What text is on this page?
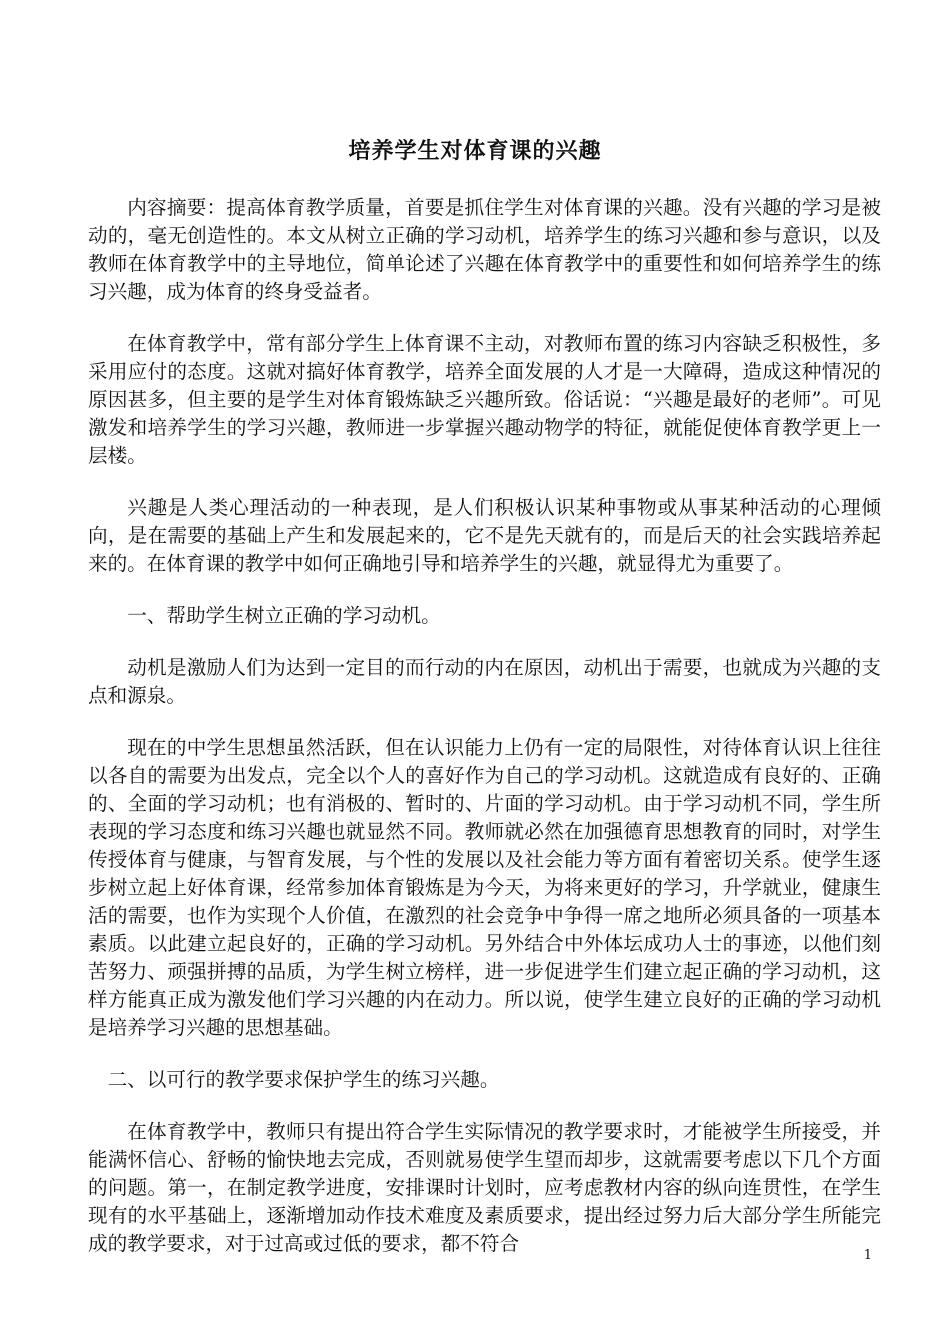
培养学生对体育课的兴趣

内容摘要：提高体育教学质量，首要是抓住学生对体育课的兴趣。没有兴趣的学习是被动的，毫无创造性的。本文从树立正确的学习动机，培养学生的练习兴趣和参与意识，以及教师在体育教学中的主导地位，简单论述了兴趣在体育教学中的重要性和如何培养学生的练习兴趣，成为体育的终身受益者。

在体育教学中，常有部分学生上体育课不主动，对教师布置的练习内容缺乏积极性，多采用应付的态度。这就对搞好体育教学，培养全面发展的人才是一大障碍，造成这种情况的原因甚多，但主要的是学生对体育锻炼缺乏兴趣所致。俗话说：“兴趣是最好的老师”。可见激发和培养学生的学习兴趣，教师进一步掌握兴趣动物学的特征，就能促使体育教学更上一层楼。

兴趣是人类心理活动的一种表现，是人们积极认识某种事物或从事某种活动的心理倾向，是在需要的基础上产生和发展起来的，它不是先天就有的，而是后天的社会实践培养起来的。在体育课的教学中如何正确地引导和培养学生的兴趣，就显得尤为重要了。

一、帮助学生树立正确的学习动机。

动机是激励人们为达到一定目的而行动的内在原因，动机出于需要，也就成为兴趣的支点和源泉。

现在的中学生思想虽然活跃，但在认识能力上仍有一定的局限性，对待体育认识上往往以各自的需要为出发点，完全以个人的喜好作为自己的学习动机。这就造成有良好的、正确的、全面的学习动机；也有消极的、暂时的、片面的学习动机。由于学习动机不同，学生所表现的学习态度和练习兴趣也就显然不同。教师就必然在加强德育思想教育的同时，对学生传授体育与健康，与智育发展，与个性的发展以及社会能力等方面有着密切关系。使学生逐步树立起上好体育课，经常参加体育锻炼是为今天，为将来更好的学习，升学就业，健康生活的需要，也作为实现个人价值，在激烈的社会竞争中争得一席之地所必须具备的一项基本素质。以此建立起良好的，正确的学习动机。另外结合中外体坛成功人士的事迹，以他们刻苦努力、顽强拼搏的品质，为学生树立榜样，进一步促进学生们建立起正确的学习动机，这样方能真正成为激发他们学习兴趣的内在动力。所以说，使学生建立良好的正确的学习动机是培养学习兴趣的思想基础。

二、以可行的教学要求保护学生的练习兴趣。

在体育教学中，教师只有提出符合学生实际情况的教学要求时，才能被学生所接受，并能满怀信心、舒畅的愉快地去完成，否则就易使学生望而却步，这就需要考虑以下几个方面的问题。第一，在制定教学进度，安排课时计划时，应考虑教材内容的纵向连贯性，在学生现有的水平基础上，逐渐增加动作技术难度及素质要求，提出经过努力后大部分学生所能完成的教学要求，对于过高或过低的要求，都不符合

1
